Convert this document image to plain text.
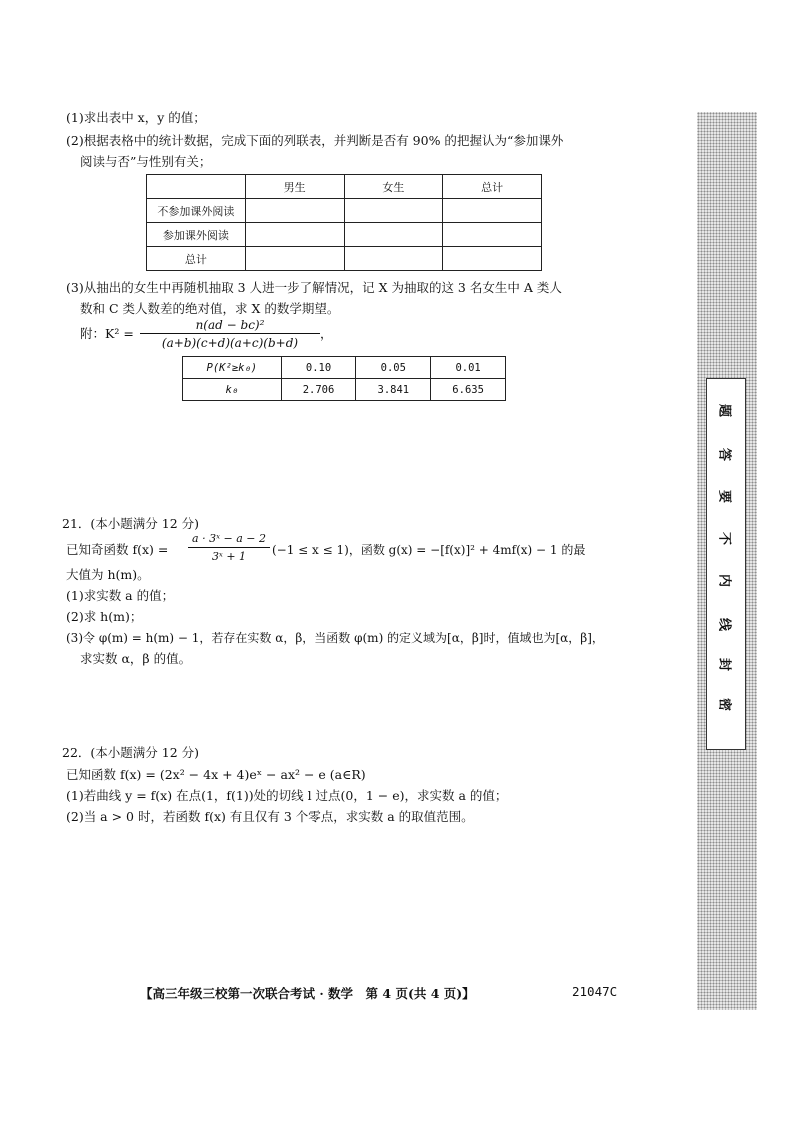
(1)求出表中 x，y 的值；
(2)根据表格中的统计数据，完成下面的列联表，并判断是否有 90% 的把握认为“参加课外
阅读与否”与性别有关；
	男生	女生	总计
不参加课外阅读			
参加课外阅读			
总计			
(3)从抽出的女生中再随机抽取 3 人进一步了解情况，记 X 为抽取的这 3 名女生中 A 类人
数和 C 类人数差的绝对值，求 X 的数学期望。
附：K² =
n(ad − bc)²
(a+b)(c+d)(a+c)(b+d)
，
P(K²≥k₀)	0.10	0.05	0.01
k₀	2.706	3.841	6.635
21．(本小题满分 12 分)
已知奇函数 f(x) =
a · 3ˣ − a − 2
3ˣ + 1	(−1 ≤ x ≤ 1)，函数 g(x) = −[f(x)]² + 4mf(x) − 1 的最
大值为 h(m)。
(1)求实数 a 的值；
(2)求 h(m)；
(3)令 φ(m) = h(m) − 1，若存在实数 α，β，当函数 φ(m) 的定义域为[α，β]时，值域也为[α，β]，
求实数 α，β 的值。
22．(本小题满分 12 分)
已知函数 f(x) = (2x² − 4x + 4)eˣ − ax² − e (a∈R)
(1)若曲线 y = f(x) 在点(1，f(1))处的切线 l 过点(0，1 − e)，求实数 a 的值；
(2)当 a > 0 时，若函数 f(x) 有且仅有 3 个零点，求实数 a 的取值范围。
【高三年级三校第一次联合考试 · 数学　第 4 页(共 4 页)】	21047C
密
封
线
内
不
要
答
题
